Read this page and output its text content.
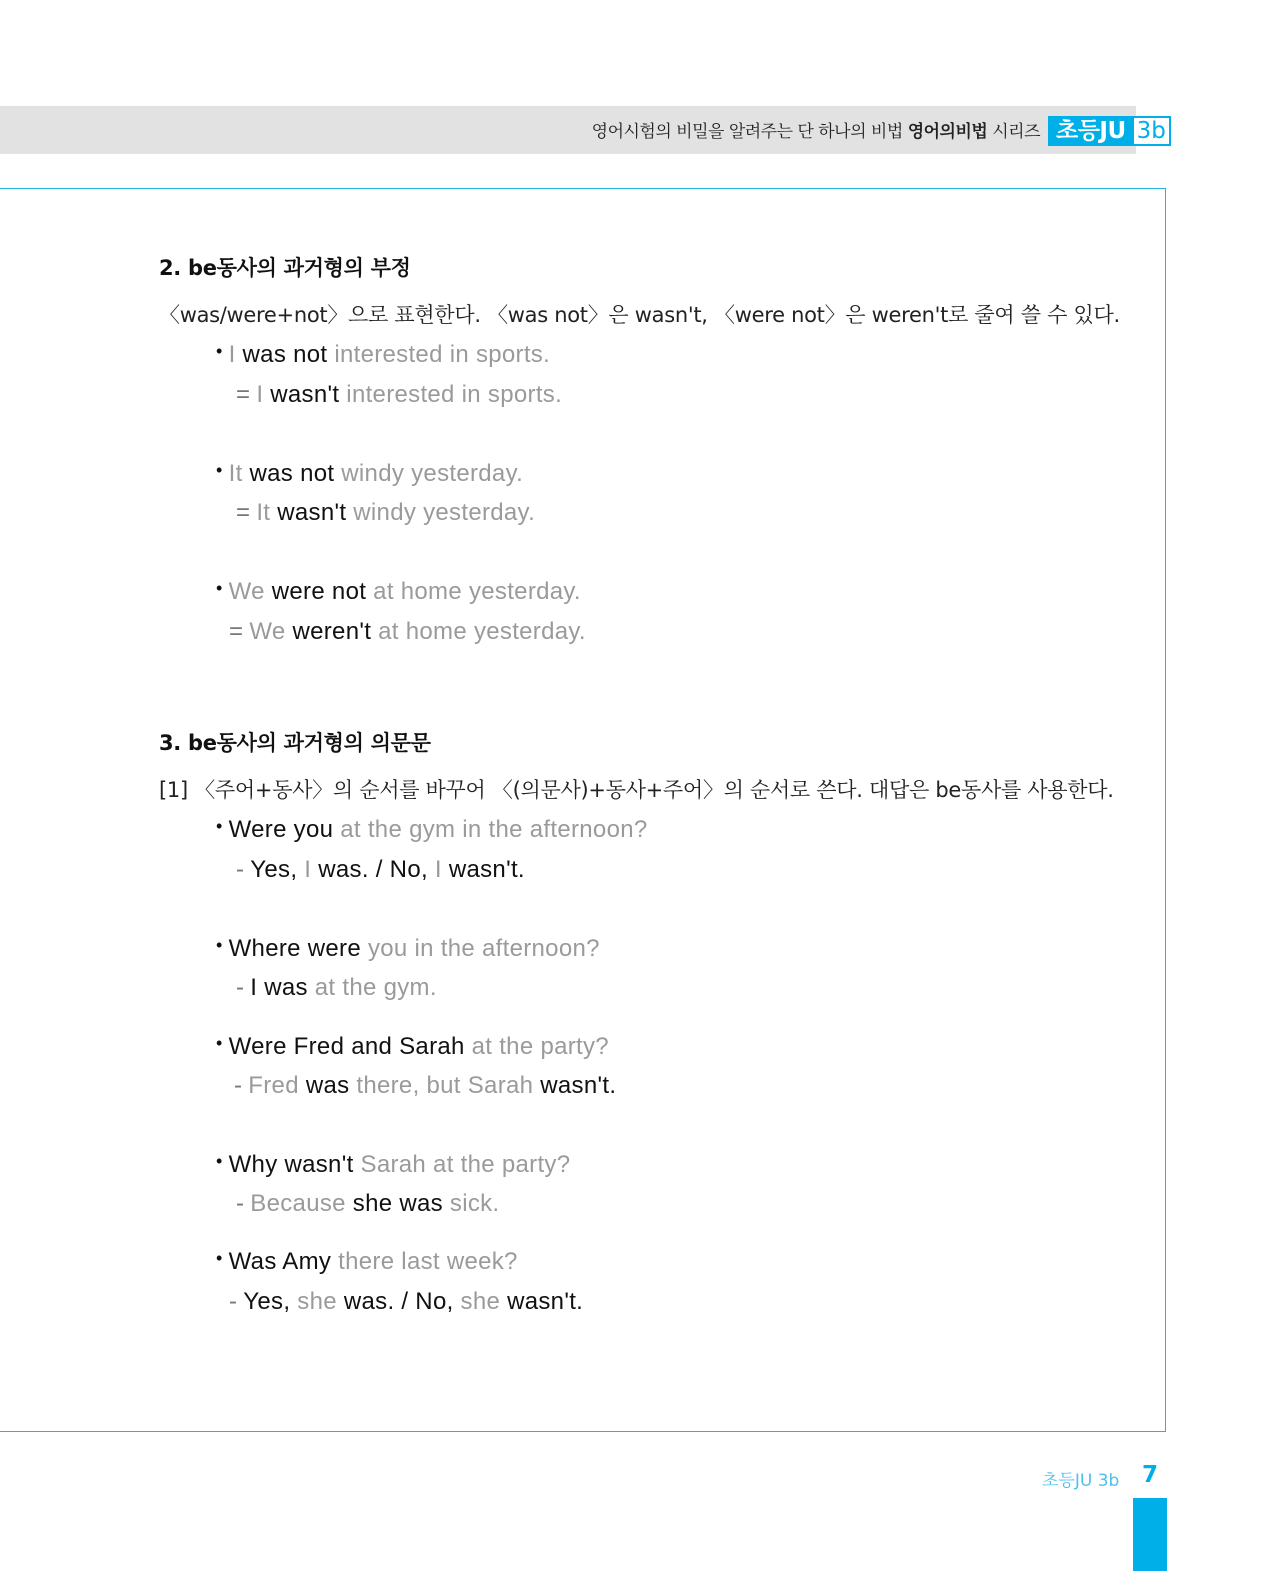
영어시험의 비밀을 알려주는 단 하나의 비법 영어의비법 시리즈 초등JU 3b
2. be동사의 과거형의 부정
〈was/were+not〉으로 표현한다. 〈was not〉은 wasn't, 〈were not〉은 weren't로 줄여 쓸 수 있다.
• I was not interested in sports.
= I wasn't interested in sports.
• It was not windy yesterday.
= It wasn't windy yesterday.
• We were not at home yesterday.
= We weren't at home yesterday.
3. be동사의 과거형의 의문문
[1] 〈주어+동사〉의 순서를 바꾸어 〈(의문사)+동사+주어〉의 순서로 쓴다. 대답은 be동사를 사용한다.
• Were you at the gym in the afternoon?
- Yes, I was. / No, I wasn't.
• Where were you in the afternoon?
- I was at the gym.
• Were Fred and Sarah at the party?
- Fred was there, but Sarah wasn't.
• Why wasn't Sarah at the party?
- Because she was sick.
• Was Amy there last week?
- Yes, she was. / No, she wasn't.
초등JU 3b 7
